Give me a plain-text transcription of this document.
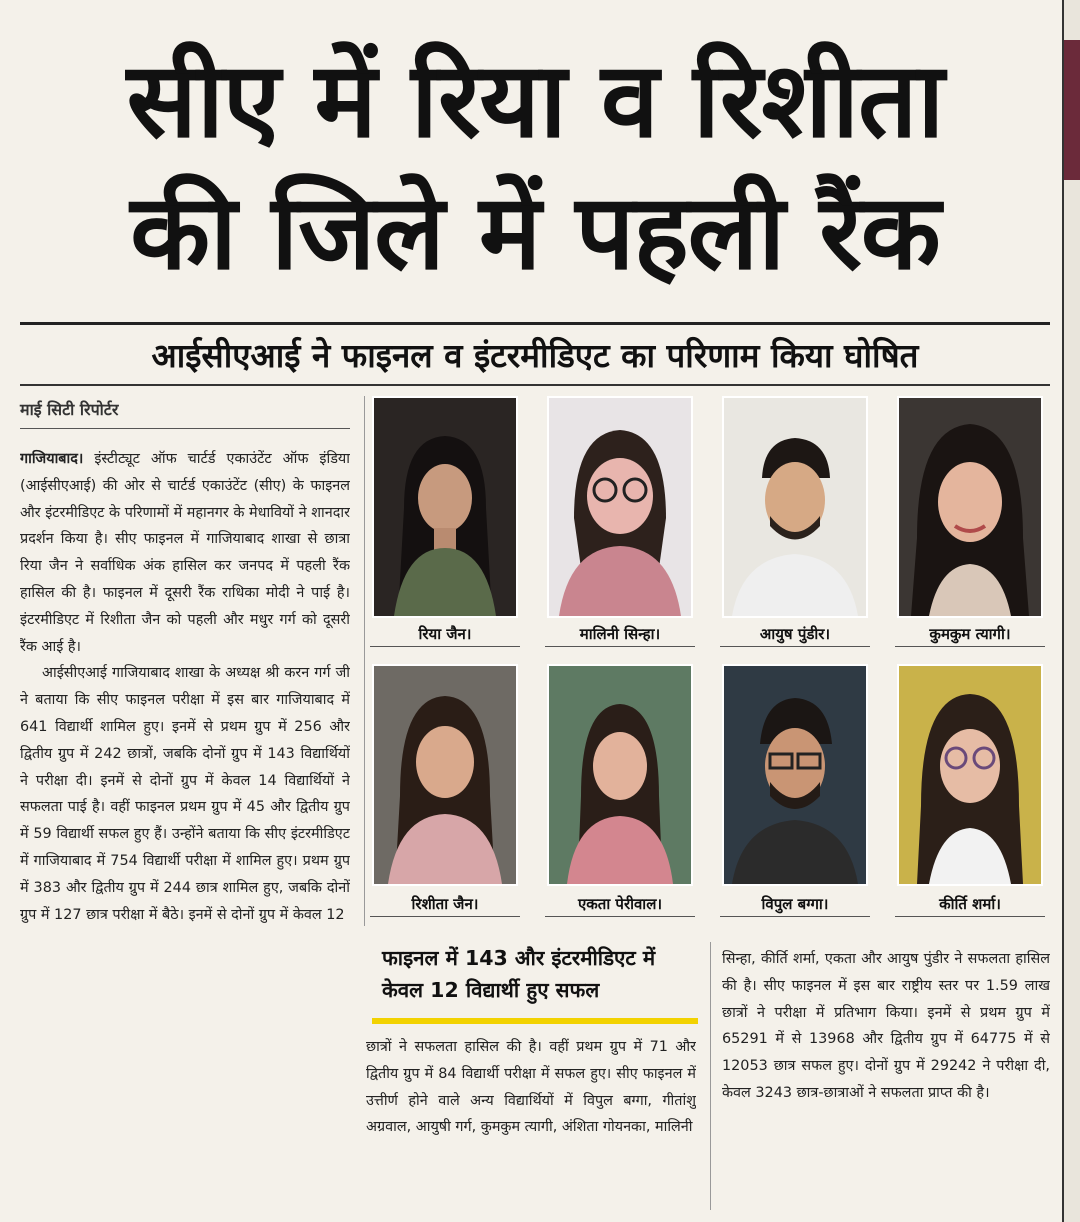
सीए में रिया व रिशीता
की जिले में पहली रैंक
आईसीएआई ने फाइनल व इंटरमीडिएट का परिणाम किया घोषित
माई सिटी रिपोर्टर

गाजियाबाद। इंस्टीट्यूट ऑफ चार्टर्ड एकाउंटेंट ऑफ इंडिया (आईसीएआई) की ओर से चार्टर्ड एकाउंटेंट (सीए) के फाइनल और इंटरमीडिएट के परिणामों में महानगर के मेधावियों ने शानदार प्रदर्शन किया है। सीए फाइनल में गाजियाबाद शाखा से छात्रा रिया जैन ने सर्वाधिक अंक हासिल कर जनपद में पहली रैंक हासिल की है। फाइनल में दूसरी रैंक राधिका मोदी ने पाई है। इंटरमीडिएट में रिशीता जैन को पहली और मधुर गर्ग को दूसरी रैंक आई है।

आईसीएआई गाजियाबाद शाखा के अध्यक्ष श्री करन गर्ग जी ने बताया कि सीए फाइनल परीक्षा में इस बार गाजियाबाद में 641 विद्यार्थी शामिल हुए। इनमें से प्रथम ग्रुप में 256 और द्वितीय ग्रुप में 242 छात्रों, जबकि दोनों ग्रुप में 143 विद्यार्थियों ने परीक्षा दी। इनमें से दोनों ग्रुप में केवल 14 विद्यार्थियों ने सफलता पाई है। वहीं फाइनल प्रथम ग्रुप में 45 और द्वितीय ग्रुप में 59 विद्यार्थी सफल हुए हैं। उन्होंने बताया कि सीए इंटरमीडिएट में गाजियाबाद में 754 विद्यार्थी परीक्षा में शामिल हुए। प्रथम ग्रुप में 383 और द्वितीय ग्रुप में 244 छात्र शामिल हुए, जबकि दोनों ग्रुप में 127 छात्र परीक्षा में बैठे। इनमें से दोनों ग्रुप में केवल 12

रिया जैन।	मालिनी सिन्हा।	आयुष पुंडीर।	कुमकुम त्यागी।
रिशीता जैन।	एकता पेरीवाल।	विपुल बग्गा।	कीर्ति शर्मा।
फाइनल में 143 और इंटरमीडिएट में केवल 12 विद्यार्थी हुए सफल

छात्रों ने सफलता हासिल की है। वहीं प्रथम ग्रुप में 71 और द्वितीय ग्रुप में 84 विद्यार्थी परीक्षा में सफल हुए। सीए फाइनल में उत्तीर्ण होने वाले अन्य विद्यार्थियों में विपुल बग्गा, गीतांशु अग्रवाल, आयुषी गर्ग, कुमकुम त्यागी, अंशिता गोयनका, मालिनी

सिन्हा, कीर्ति शर्मा, एकता और आयुष पुंडीर ने सफलता हासिल की है। सीए फाइनल में इस बार राष्ट्रीय स्तर पर 1.59 लाख छात्रों ने परीक्षा में प्रतिभाग किया। इनमें से प्रथम ग्रुप में 65291 में से 13968 और द्वितीय ग्रुप में 64775 में से 12053 छात्र सफल हुए। दोनों ग्रुप में 29242 ने परीक्षा दी, केवल 3243 छात्र-छात्राओं ने सफलता प्राप्त की है।
